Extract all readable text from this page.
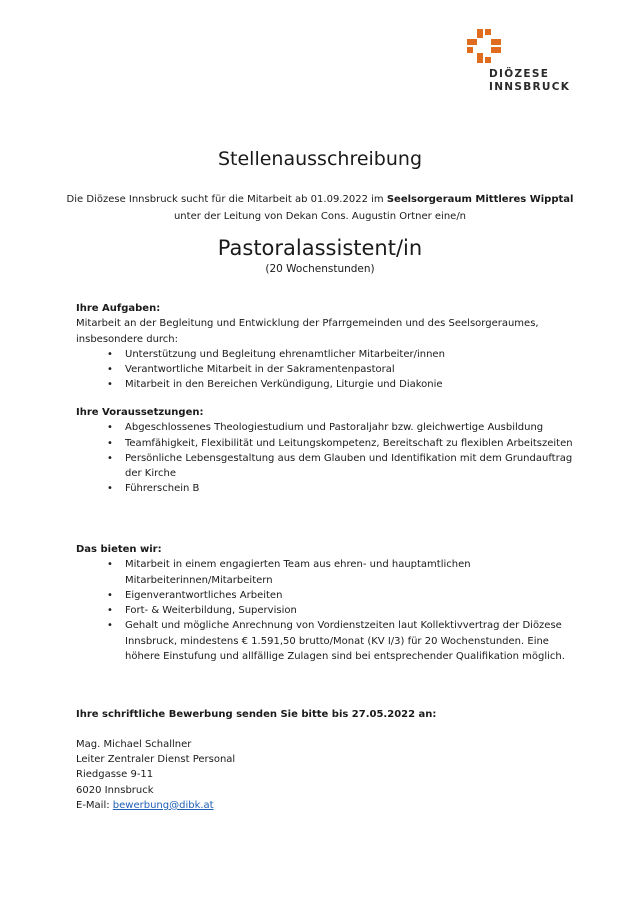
DIÖZESE
INNSBRUCK
Stellenausschreibung
Die Diözese Innsbruck sucht für die Mitarbeit ab 01.09.2022 im Seelsorgeraum Mittleres Wipptal unter der Leitung von Dekan Cons. Augustin Ortner eine/n
Pastoralassistent/in
(20 Wochenstunden)
Ihre Aufgaben:

Mitarbeit an der Begleitung und Entwicklung der Pfarrgemeinden und des Seelsorgeraumes, insbesondere durch:

• Unterstützung und Begleitung ehrenamtlicher Mitarbeiter/innen
• Verantwortliche Mitarbeit in der Sakramentenpastoral
• Mitarbeit in den Bereichen Verkündigung, Liturgie und Diakonie
Ihre Voraussetzungen:
• Abgeschlossenes Theologiestudium und Pastoraljahr bzw. gleichwertige Ausbildung
• Teamfähigkeit, Flexibilität und Leitungskompetenz, Bereitschaft zu flexiblen Arbeitszeiten
• Persönliche Lebensgestaltung aus dem Glauben und Identifikation mit dem Grundauftrag der Kirche
• Führerschein B
Das bieten wir:
• Mitarbeit in einem engagierten Team aus ehren- und hauptamtlichen Mitarbeiterinnen/Mitarbeitern
• Eigenverantwortliches Arbeiten
• Fort- & Weiterbildung, Supervision
• Gehalt und mögliche Anrechnung von Vordienstzeiten laut Kollektivvertrag der Diözese Innsbruck, mindestens € 1.591,50 brutto/Monat (KV I/3) für 20 Wochenstunden. Eine höhere Einstufung und allfällige Zulagen sind bei entsprechender Qualifikation möglich.
Ihre schriftliche Bewerbung senden Sie bitte bis 27.05.2022 an:
Mag. Michael Schallner
Leiter Zentraler Dienst Personal
Riedgasse 9-11
6020 Innsbruck
E-Mail: bewerbung@dibk.at
